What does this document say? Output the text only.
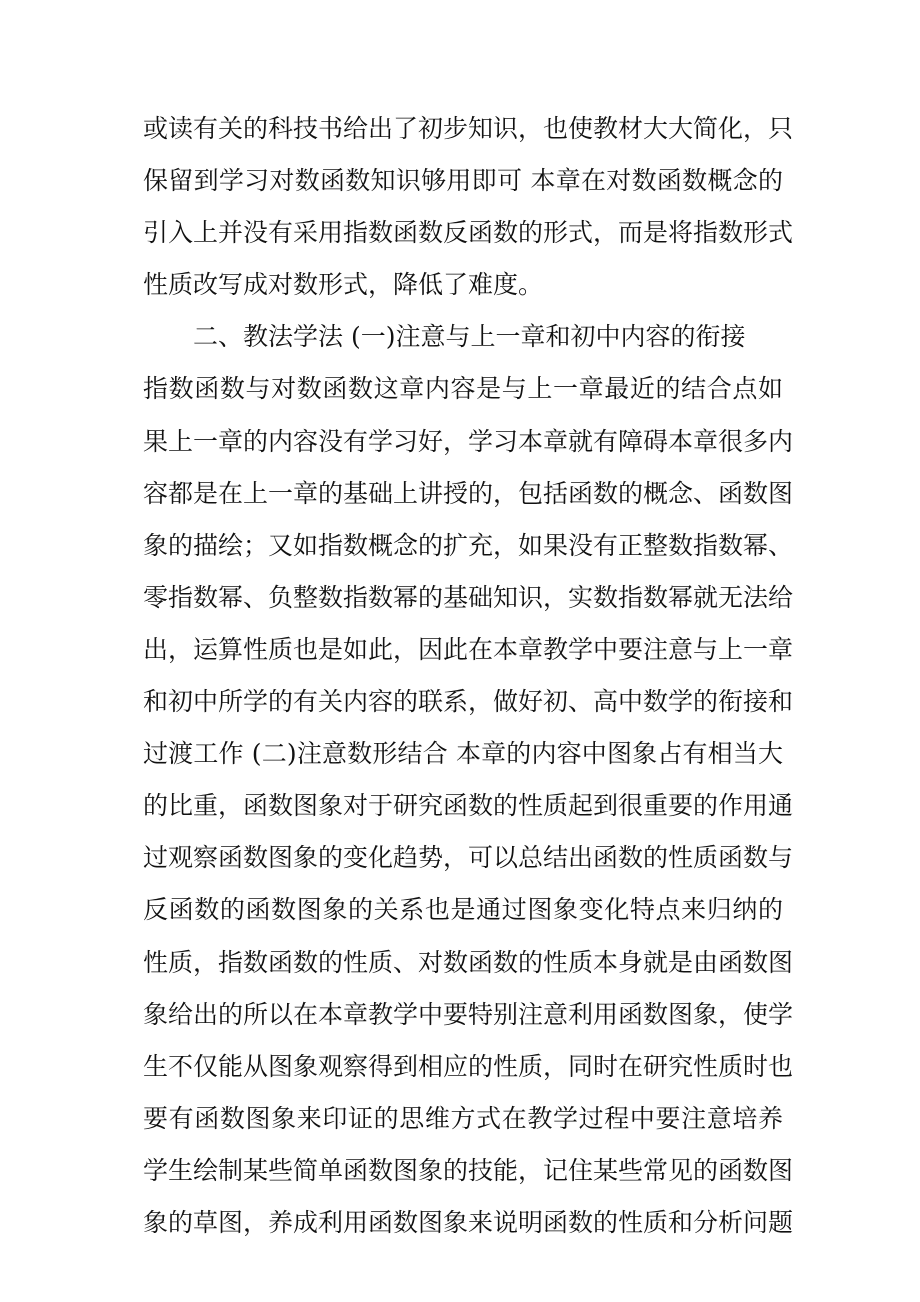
或读有关的科技书给出了初步知识，也使教材大大简化，只
保留到学习对数函数知识够用即可 本章在对数函数概念的
引入上并没有采用指数函数反函数的形式，而是将指数形式
性质改写成对数形式，降低了难度。
二、教法学法 (一)注意与上一章和初中内容的衔接
指数函数与对数函数这章内容是与上一章最近的结合点如
果上一章的内容没有学习好，学习本章就有障碍本章很多内
容都是在上一章的基础上讲授的，包括函数的概念、函数图
象的描绘；又如指数概念的扩充，如果没有正整数指数幂、
零指数幂、负整数指数幂的基础知识，实数指数幂就无法给
出，运算性质也是如此，因此在本章教学中要注意与上一章
和初中所学的有关内容的联系，做好初、高中数学的衔接和
过渡工作 (二)注意数形结合 本章的内容中图象占有相当大
的比重，函数图象对于研究函数的性质起到很重要的作用通
过观察函数图象的变化趋势，可以总结出函数的性质函数与
反函数的函数图象的关系也是通过图象变化特点来归纳的
性质，指数函数的性质、对数函数的性质本身就是由函数图
象给出的所以在本章教学中要特别注意利用函数图象，使学
生不仅能从图象观察得到相应的性质，同时在研究性质时也
要有函数图象来印证的思维方式在教学过程中要注意培养
学生绘制某些简单函数图象的技能，记住某些常见的函数图
象的草图，养成利用函数图象来说明函数的性质和分析问题
